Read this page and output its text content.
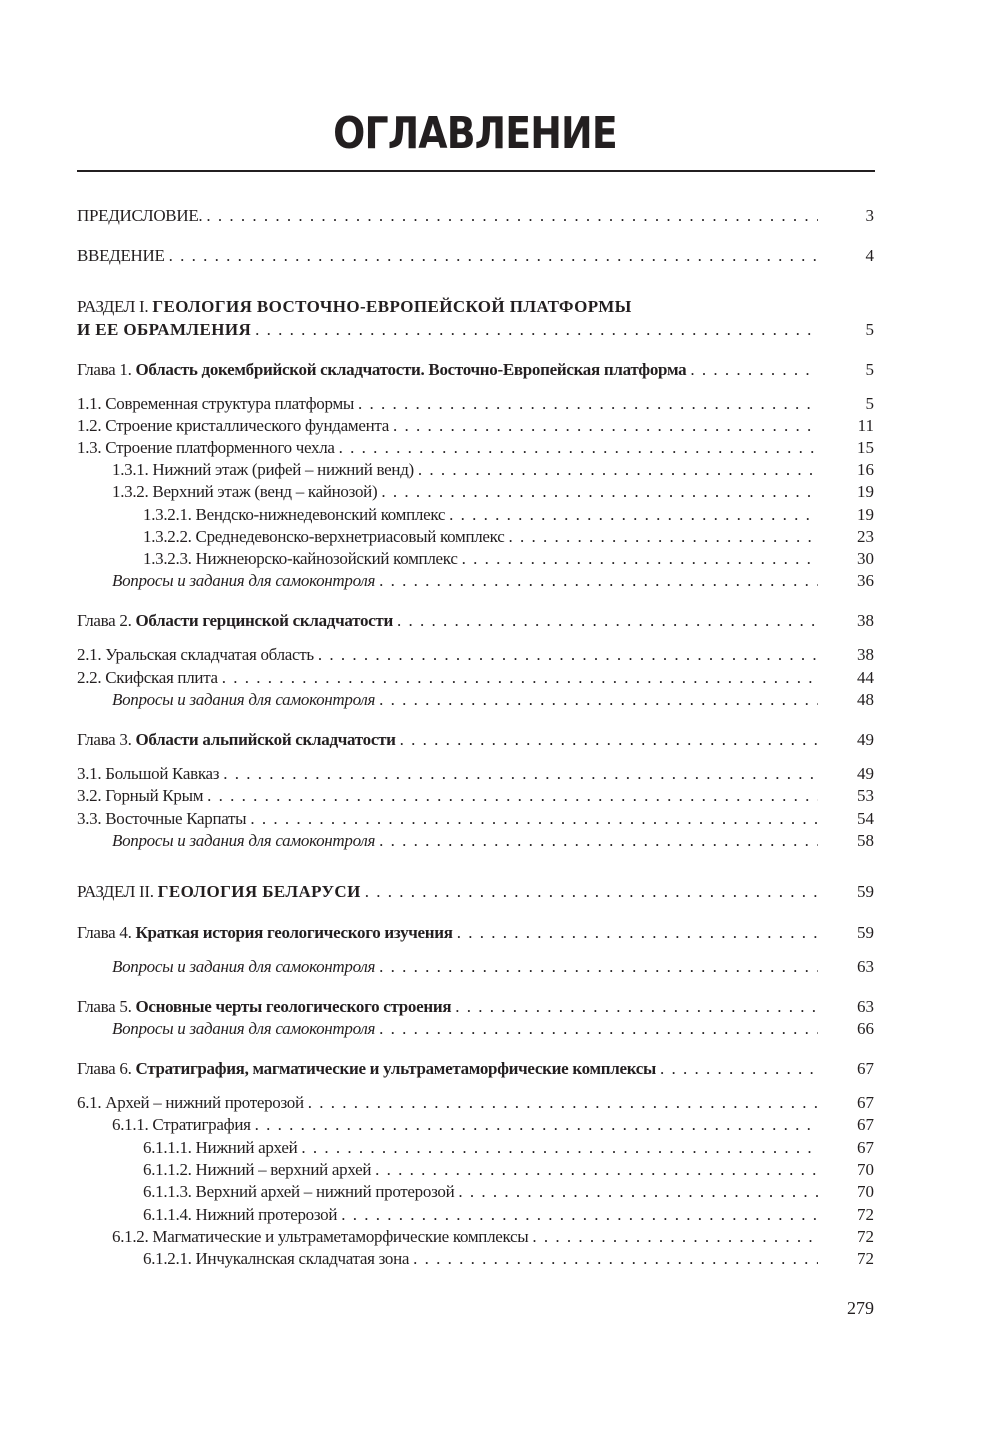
ОГЛАВЛЕНИЕ
ПРЕДИСЛОВИЕ. . . .	3
ВВЕДЕНИЕ . . .	4
РАЗДЕЛ I. ГЕОЛОГИЯ ВОСТОЧНО-ЕВРОПЕЙСКОЙ ПЛАТФОРМЫ
И ЕЕ ОБРАМЛЕНИЯ . . .	5
Глава 1. Область докембрийской складчатости. Восточно-Европейская платформа . . .	5
1.1. Современная структура платформы . . .	5
1.2. Строение кристаллического фундамента . . .	11
1.3. Строение платформенного чехла . . .	15
1.3.1. Нижний этаж (рифей – нижний венд) . . .	16
1.3.2. Верхний этаж (венд – кайнозой) . . .	19
1.3.2.1. Вендско-нижнедевонский комплекс . . .	19
1.3.2.2. Среднедевонско-верхнетриасовый комплекс . . .	23
1.3.2.3. Нижнеюрско-кайнозойский комплекс . . .	30
Вопросы и задания для самоконтроля . . .	36
Глава 2. Области герцинской складчатости . . .	38
2.1. Уральская складчатая область . . .	38
2.2. Скифская плита . . .	44
Вопросы и задания для самоконтроля . . .	48
Глава 3. Области альпийской складчатости . . .	49
3.1. Большой Кавказ . . .	49
3.2. Горный Крым . . .	53
3.3. Восточные Карпаты . . .	54
Вопросы и задания для самоконтроля . . .	58
РАЗДЕЛ II. ГЕОЛОГИЯ БЕЛАРУСИ . . .	59
Глава 4. Краткая история геологического изучения . . .	59
Вопросы и задания для самоконтроля . . .	63
Глава 5. Основные черты геологического строения . . .	63
Вопросы и задания для самоконтроля . . .	66
Глава 6. Стратиграфия, магматические и ультраметаморфические комплексы . . .	67
6.1. Архей – нижний протерозой . . .	67
6.1.1. Стратиграфия . . .	67
6.1.1.1. Нижний архей . . .	67
6.1.1.2. Нижний – верхний архей . . .	70
6.1.1.3. Верхний архей – нижний протерозой . . .	70
6.1.1.4. Нижний протерозой . . .	72
6.1.2. Магматические и ультраметаморфические комплексы . . .	72
6.1.2.1. Инчукалнская складчатая зона . . .	72
279
